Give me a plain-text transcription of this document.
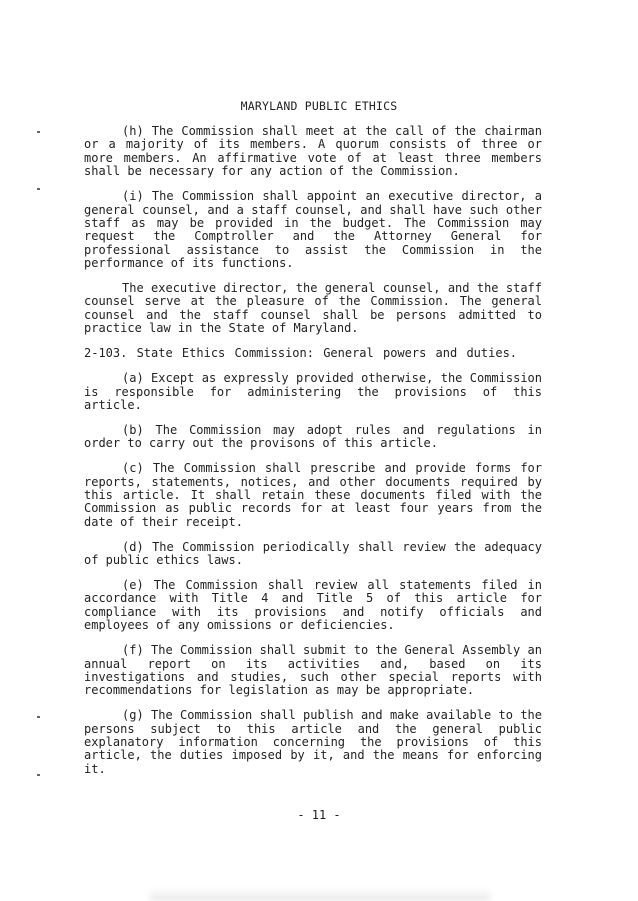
MARYLAND PUBLIC ETHICS

(h) The Commission shall meet at the call of the chairman or a majority of its members. A quorum consists of three or more members. An affirmative vote of at least three members shall be necessary for any action of the Commission.

(i) The Commission shall appoint an executive director, a general counsel, and a staff counsel, and shall have such other staff as may be provided in the budget. The Commission may request the Comptroller and the Attorney General for professional assistance to assist the Commission in the performance of its functions.

The executive director, the general counsel, and the staff counsel serve at the pleasure of the Commission. The general counsel and the staff counsel shall be persons admitted to practice law in the State of Maryland.

2-103. State Ethics Commission: General powers and duties.

(a) Except as expressly provided otherwise, the Commission is responsible for administering the provisions of this article.

(b) The Commission may adopt rules and regulations in order to carry out the provisons of this article.

(c) The Commission shall prescribe and provide forms for reports, statements, notices, and other documents required by this article. It shall retain these documents filed with the Commission as public records for at least four years from the date of their receipt.

(d) The Commission periodically shall review the adequacy of public ethics laws.

(e) The Commission shall review all statements filed in accordance with Title 4 and Title 5 of this article for compliance with its provisions and notify officials and employees of any omissions or deficiencies.

(f) The Commission shall submit to the General Assembly an annual report on its activities and, based on its investigations and studies, such other special reports with recommendations for legislation as may be appropriate.

(g) The Commission shall publish and make available to the persons subject to this article and the general public explanatory information concerning the provisions of this article, the duties imposed by it, and the means for enforcing it.

- 11 -
